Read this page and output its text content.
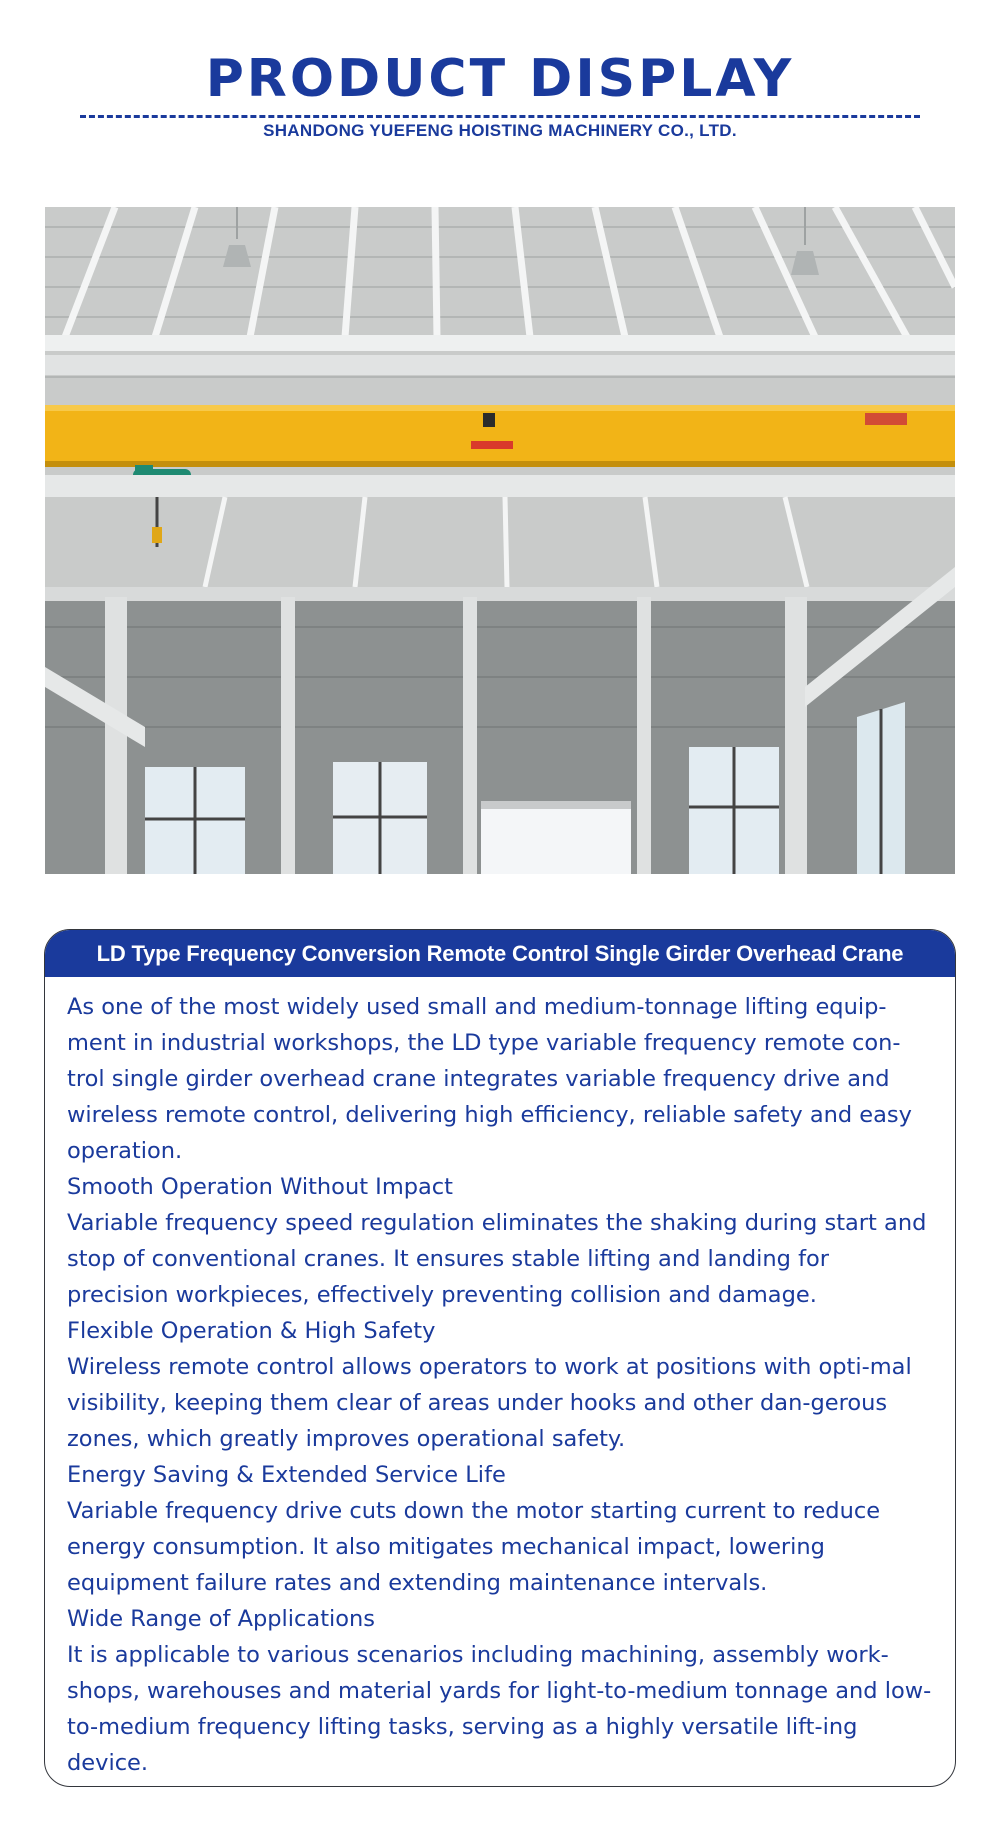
PRODUCT DISPLAY
SHANDONG YUEFENG HOISTING MACHINERY CO., LTD.
LD Type Frequency Conversion Remote Control Single Girder Overhead Crane

As one of the most widely used small and medium-tonnage lifting equip-ment in industrial workshops, the LD type variable frequency remote con-trol single girder overhead crane integrates variable frequency drive and wireless remote control, delivering high efficiency, reliable safety and easy operation.

Smooth Operation Without Impact

Variable frequency speed regulation eliminates the shaking during start and stop of conventional cranes. It ensures stable lifting and landing for precision workpieces, effectively preventing collision and damage.

Flexible Operation & High Safety

Wireless remote control allows operators to work at positions with opti-mal visibility, keeping them clear of areas under hooks and other dan-gerous zones, which greatly improves operational safety.

Energy Saving & Extended Service Life

Variable frequency drive cuts down the motor starting current to reduce energy consumption. It also mitigates mechanical impact, lowering equipment failure rates and extending maintenance intervals.

Wide Range of Applications

It is applicable to various scenarios including machining, assembly work-shops, warehouses and material yards for light-to-medium tonnage and low-to-medium frequency lifting tasks, serving as a highly versatile lift-ing device.
